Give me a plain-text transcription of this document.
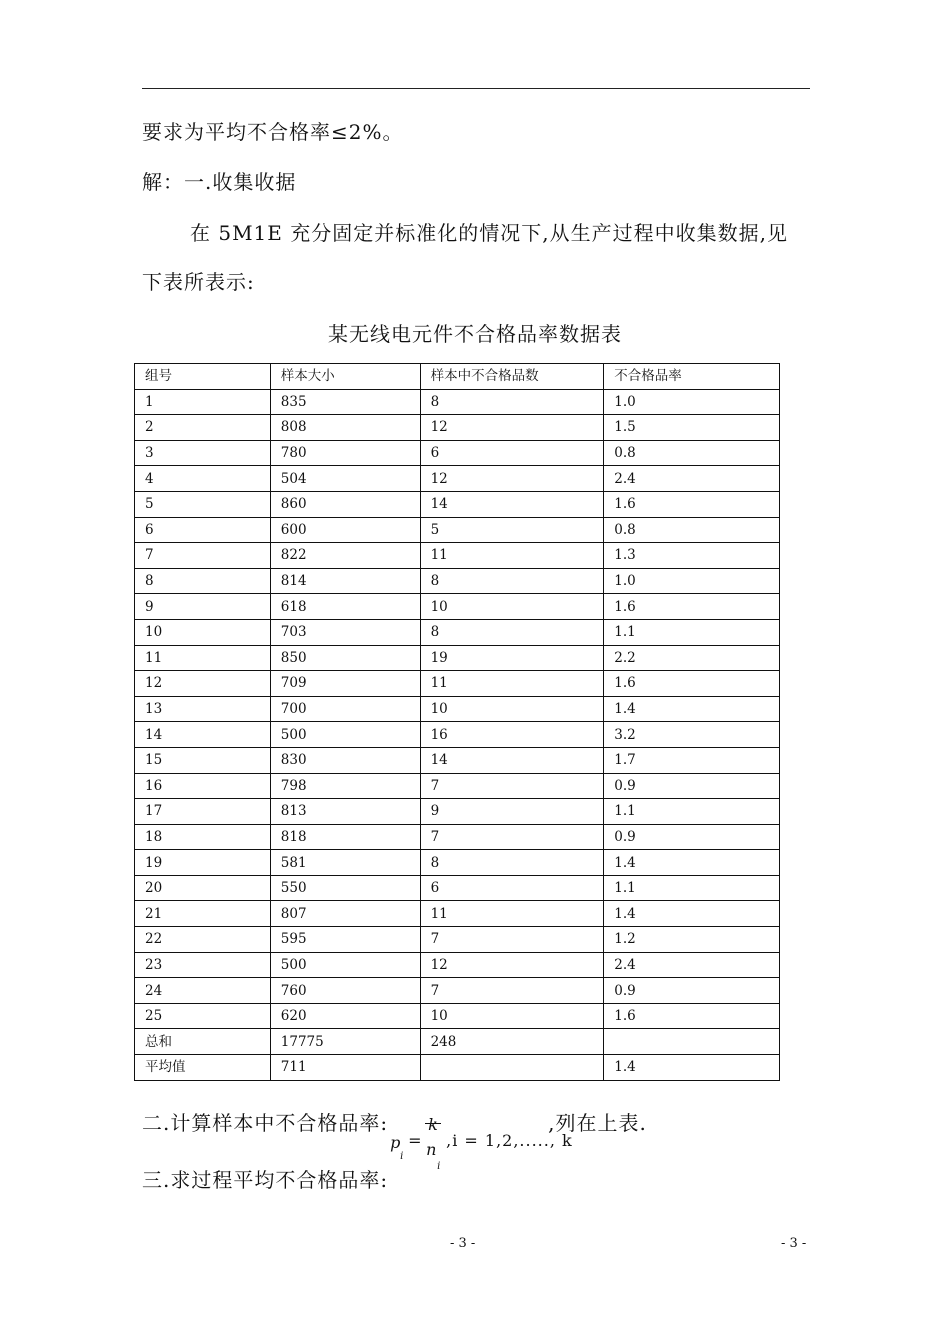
要求为平均不合格率≤2%。
解：一.收集收据
在 5M1E 充分固定并标准化的情况下,从生产过程中收集数据,见
下表所表示:
某无线电元件不合格品率数据表
组号	样本大小	样本中不合格品数	不合格品率
1	835	8	1.0
2	808	12	1.5
3	780	6	0.8
4	504	12	2.4
5	860	14	1.6
6	600	5	0.8
7	822	11	1.3
8	814	8	1.0
9	618	10	1.6
10	703	8	1.1
11	850	19	2.2
12	709	11	1.6
13	700	10	1.4
14	500	16	3.2
15	830	14	1.7
16	798	7	0.9
17	813	9	1.1
18	818	7	0.9
19	581	8	1.4
20	550	6	1.1
21	807	11	1.4
22	595	7	1.2
23	500	12	2.4
24	760	7	0.9
25	620	10	1.6
总和	17775	248	
平均值	711		1.4
二.计算样本中不合格品率:
p
i
=
k
n
i
,i = 1,2,....., k
,列在上表.
三.求过程平均不合格品率:
- 3 -	- 3 -
